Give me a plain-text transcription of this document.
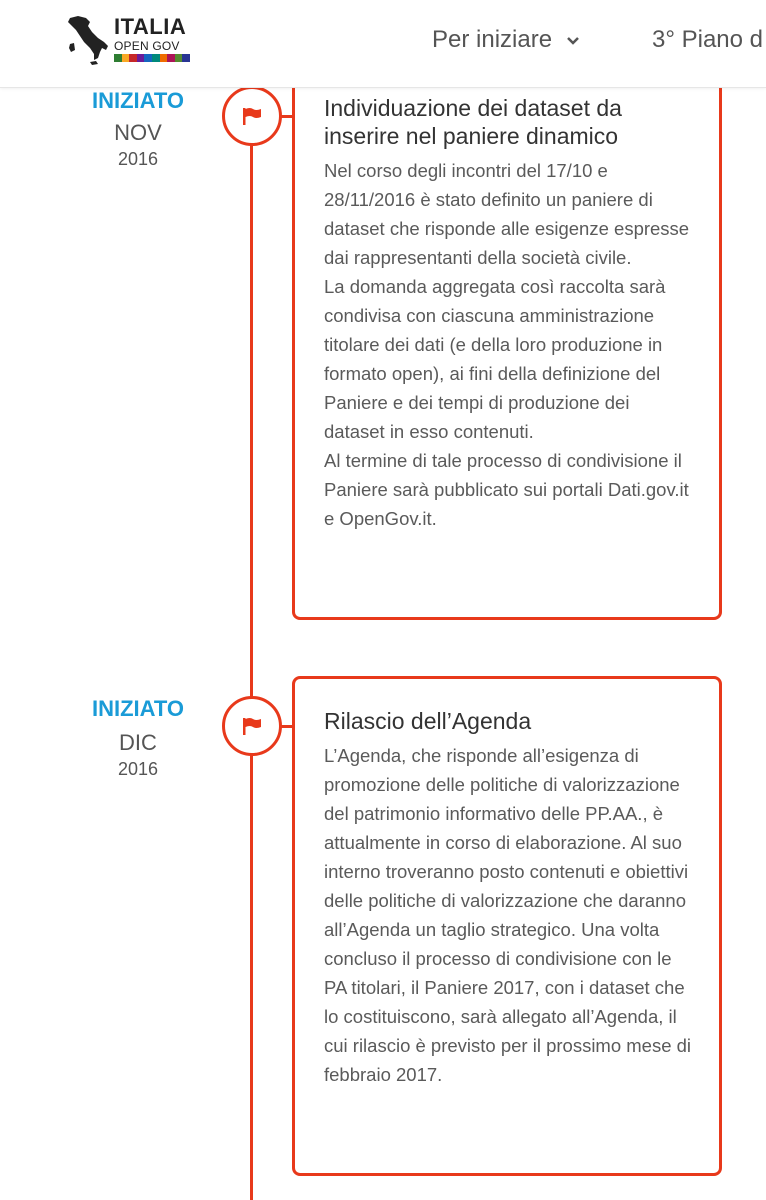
ITALIA
OPEN GOV	Per iniziare	3° Piano d
INIZIATO
NOV
2016
Individuazione dei dataset da inserire nel paniere dinamico

Nel corso degli incontri del 17/10 e 28/11/2016 è stato definito un paniere di dataset che risponde alle esigenze espresse dai rappresentanti della società civile.

La domanda aggregata così raccolta sarà condivisa con ciascuna amministrazione titolare dei dati (e della loro produzione in formato open), ai fini della definizione del Paniere e dei tempi di produzione dei dataset in esso contenuti.

Al termine di tale processo di condivisione il Paniere sarà pubblicato sui portali Dati.gov.it e OpenGov.it.

INIZIATO
DIC
2016
Rilascio dell’Agenda

L’Agenda, che risponde all’esigenza di promozione delle politiche di valorizzazione del patrimonio informativo delle PP.AA., è attualmente in corso di elaborazione. Al suo interno troveranno posto contenuti e obiettivi delle politiche di valorizzazione che daranno all’Agenda un taglio strategico. Una volta concluso il processo di condivisione con le PA titolari, il Paniere 2017, con i dataset che lo costituiscono, sarà allegato all’Agenda, il cui rilascio è previsto per il prossimo mese di febbraio 2017.
